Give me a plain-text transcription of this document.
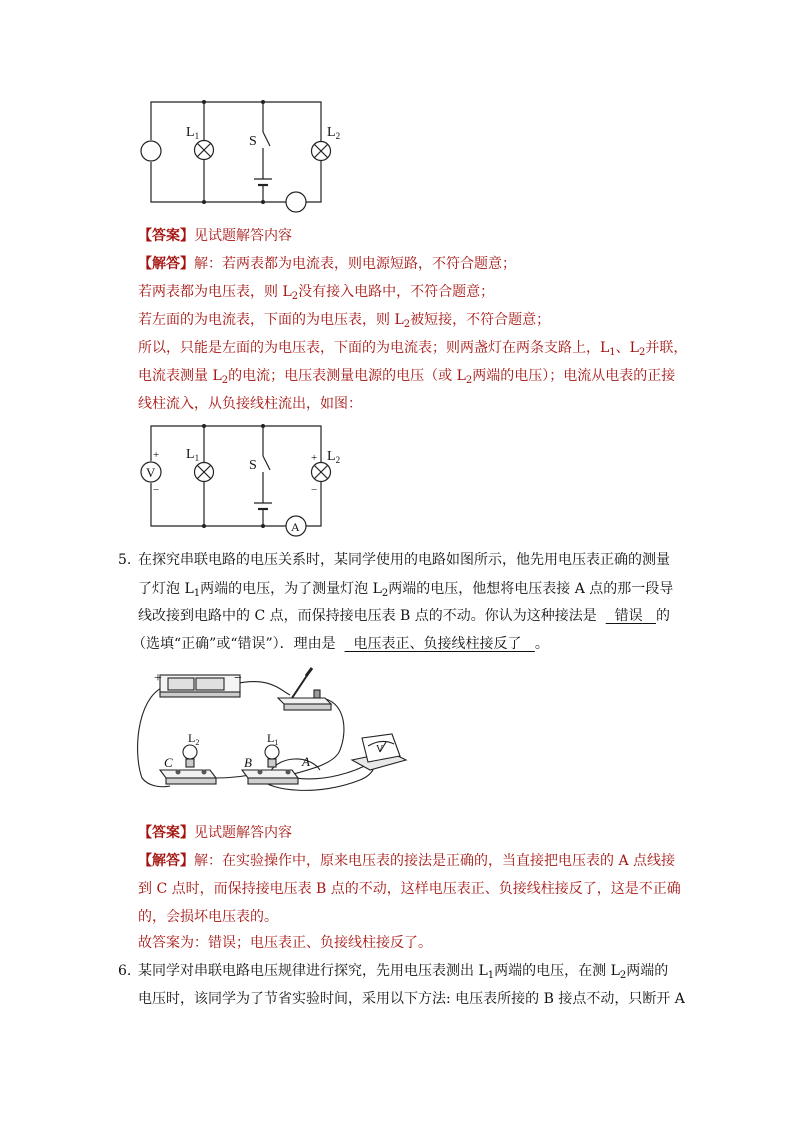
$L_1$	S
$L_2$
【答案】见试题解答内容
【解答】解：若两表都为电流表，则电源短路，不符合题意；
若两表都为电压表，则 $L_2$没有接入电路中，不符合题意；
若左面的为电流表，下面的为电压表，则 $L_2$被短接，不符合题意；
所以，只能是左面的为电压表，下面的为电流表；则两盏灯在两条支路上，$L_1$、$L_2$并联，
电流表测量 $L_2$的电流；电压表测量电源的电压（或 $L_2$两端的电压）；电流从电表的正接
线柱流入，从负接线柱流出，如图：
V
A
+
−
+
−
$L_1$	S
$L_2$
5. 在探究串联电路的电压关系时，某同学使用的电路如图所示，他先用电压表正确的测量
了灯泡 $L_1$两端的电压，为了测量灯泡 $L_2$两端的电压，他想将电压表接 A 点的那一段导
线改接到电路中的 C 点，而保持接电压表 B 点的不动。你认为这种接法是 错误 的
（选填“正确”或“错误”）．理由是 电压表正、负接线柱接反了 。
+	−
$L_2$	$L_1$
C	B	A
V
【答案】见试题解答内容
【解答】解：在实验操作中，原来电压表的接法是正确的，当直接把电压表的 A 点线接
到 C 点时，而保持接电压表 B 点的不动，这样电压表正、负接线柱接反了，这是不正确
的，会损坏电压表的。
故答案为：错误；电压表正、负接线柱接反了。
6. 某同学对串联电路电压规律进行探究，先用电压表测出 $L_1$两端的电压，在测 $L_2$两端的
电压时，该同学为了节省实验时间，采用以下方法: 电压表所接的 B 接点不动，只断开 A
